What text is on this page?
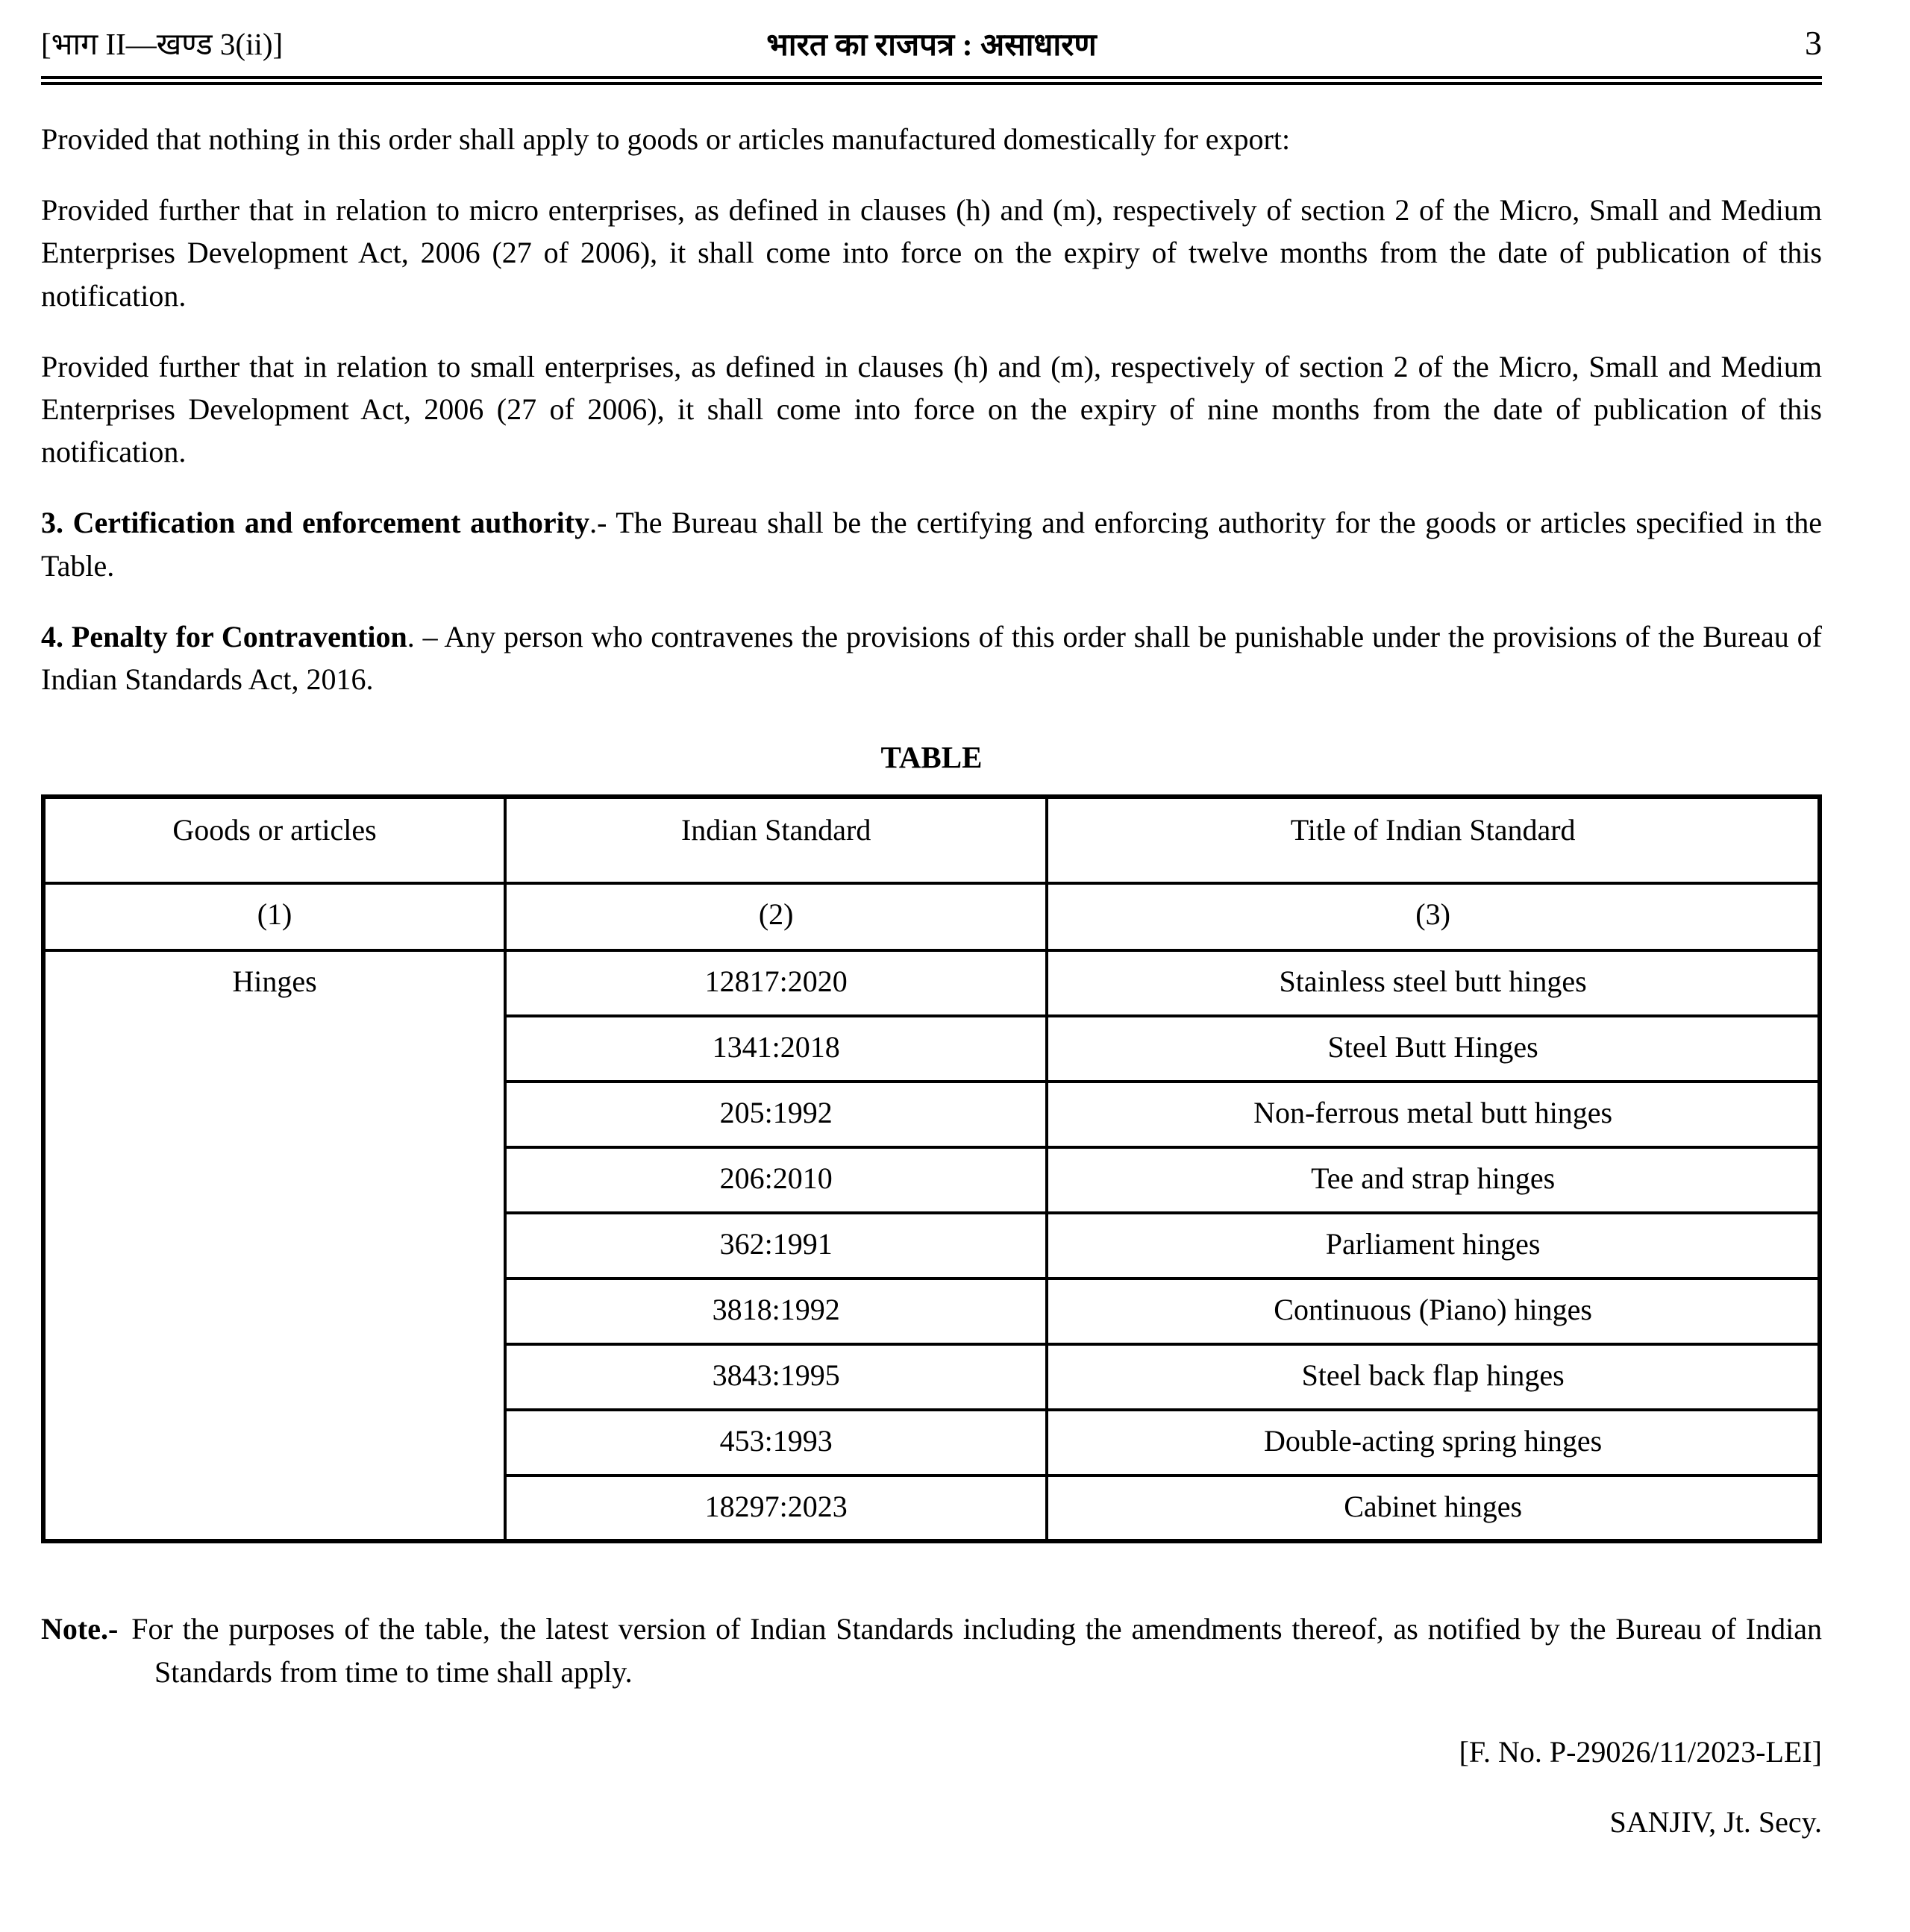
[भाग II—खण्ड 3(ii)]	भारत का राजपत्र : असाधारण	3

Provided that nothing in this order shall apply to goods or articles manufactured domestically for export:

Provided further that in relation to micro enterprises, as defined in clauses (h) and (m), respectively of section 2 of the Micro, Small and Medium Enterprises Development Act, 2006 (27 of 2006), it shall come into force on the expiry of twelve months from the date of publication of this notification.

Provided further that in relation to small enterprises, as defined in clauses (h) and (m), respectively of section 2 of the Micro, Small and Medium Enterprises Development Act, 2006 (27 of 2006), it shall come into force on the expiry of nine months from the date of publication of this notification.

3. Certification and enforcement authority.- The Bureau shall be the certifying and enforcing authority for the goods or articles specified in the Table.

4. Penalty for Contravention. – Any person who contravenes the provisions of this order shall be punishable under the provisions of the Bureau of Indian Standards Act, 2016.

TABLE
Goods or articles	Indian Standard	Title of Indian Standard
(1)	(2)	(3)
Hinges	12817:2020	Stainless steel butt hinges
	1341:2018	Steel Butt Hinges
	205:1992	Non-ferrous metal butt hinges
	206:2010	Tee and strap hinges
	362:1991	Parliament hinges
	3818:1992	Continuous (Piano) hinges
	3843:1995	Steel back flap hinges
	453:1993	Double-acting spring hinges
	18297:2023	Cabinet hinges

Note.- For the purposes of the table, the latest version of Indian Standards including the amendments thereof, as notified by the Bureau of Indian Standards from time to time shall apply.

[F. No. P-29026/11/2023-LEI]

SANJIV, Jt. Secy.
